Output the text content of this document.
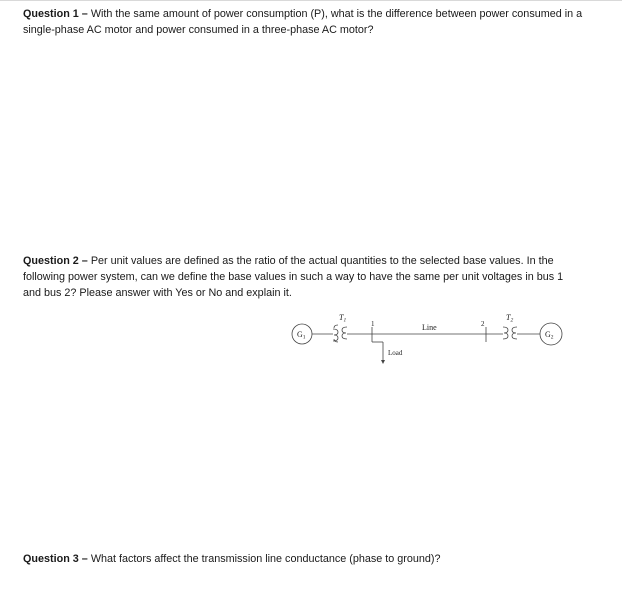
Question 1 – With the same amount of power consumption (P), what is the difference between power consumed in a single-phase AC motor and power consumed in a three-phase AC motor?
Question 2 – Per unit values are defined as the ratio of the actual quantities to the selected base values. In the following power system, can we define the base values in such a way to have the same per unit voltages in bus 1 and bus 2? Please answer with Yes or No and explain it.
G1	G2
T1	T2
1	2
Line
Load
Question 3 – What factors affect the transmission line conductance (phase to ground)?
